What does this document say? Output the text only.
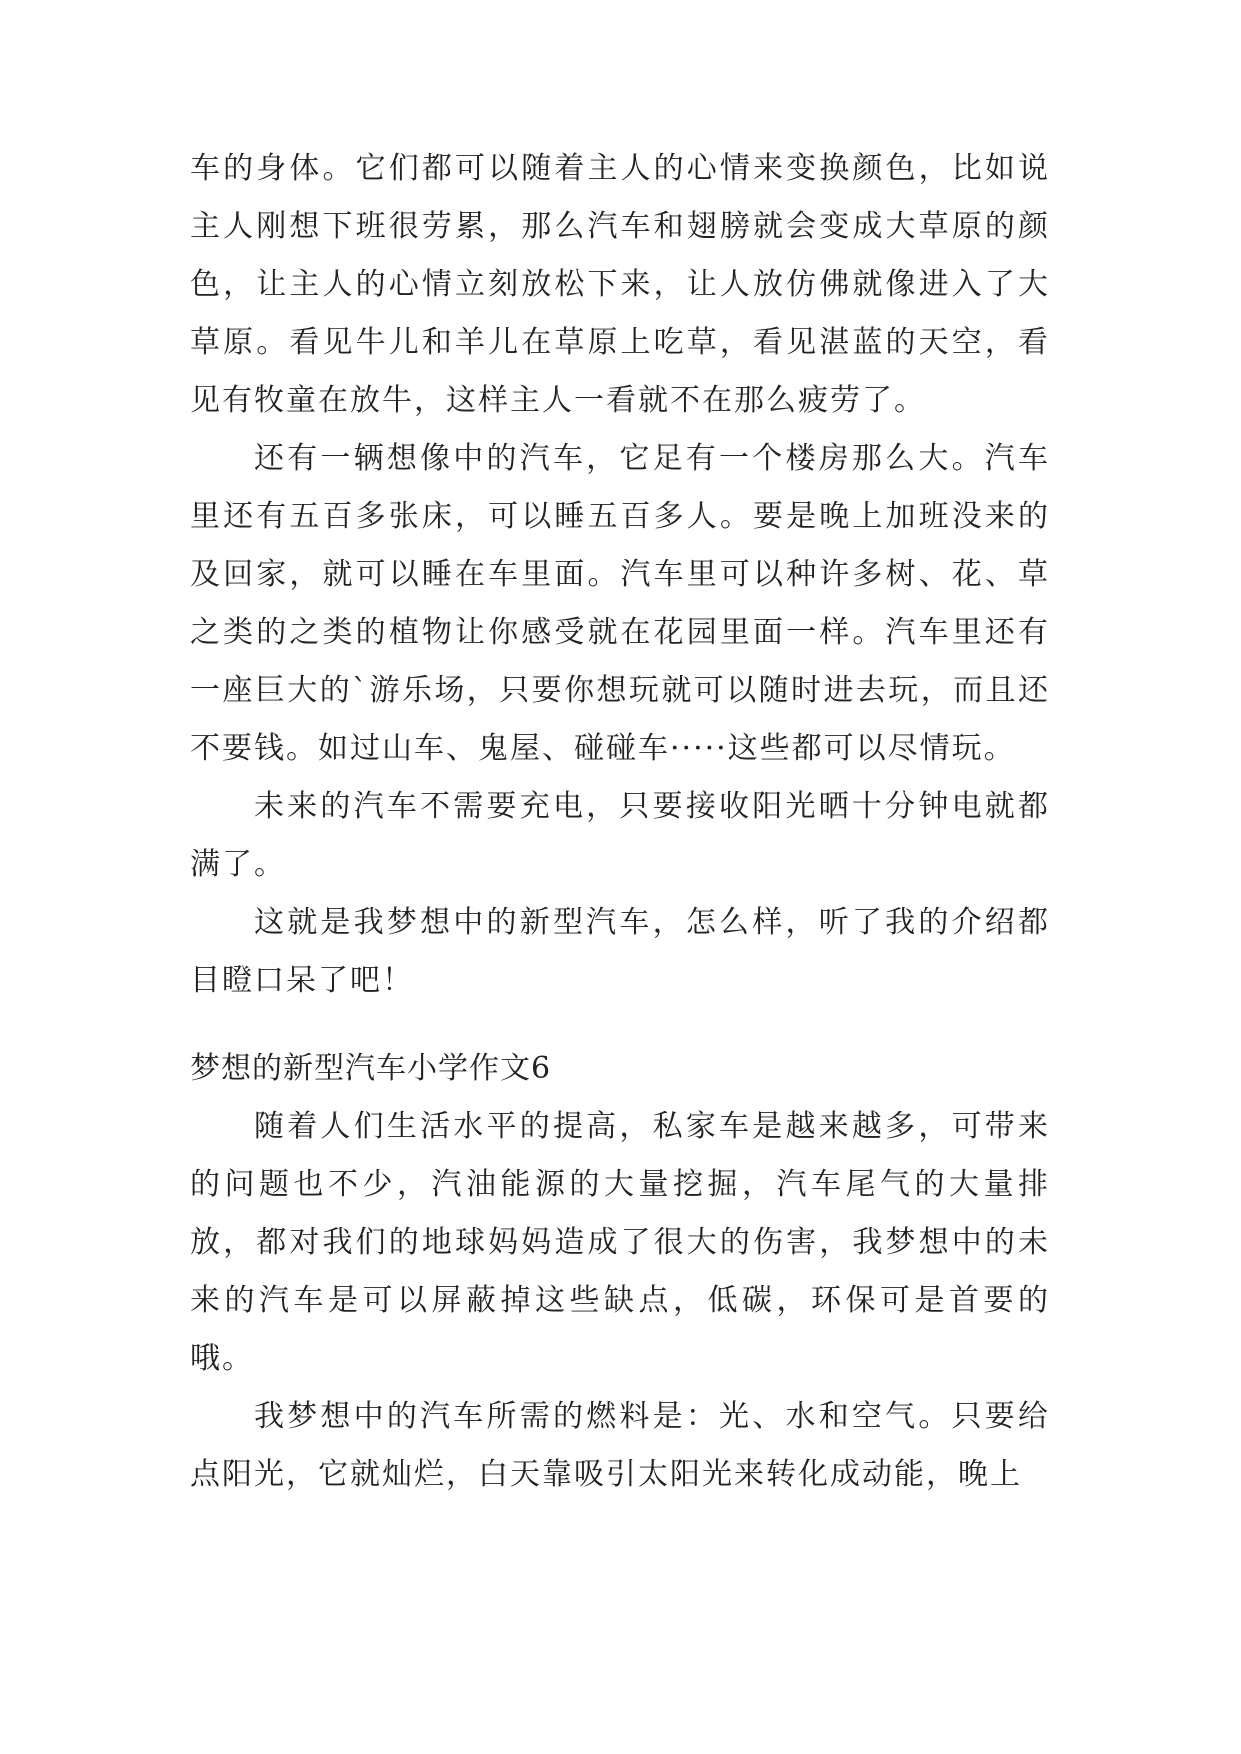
车的身体。它们都可以随着主人的心情来变换颜色，比如说主人刚想下班很劳累，那么汽车和翅膀就会变成大草原的颜色，让主人的心情立刻放松下来，让人放仿佛就像进入了大草原。看见牛儿和羊儿在草原上吃草，看见湛蓝的天空，看见有牧童在放牛，这样主人一看就不在那么疲劳了。

还有一辆想像中的汽车，它足有一个楼房那么大。汽车里还有五百多张床，可以睡五百多人。要是晚上加班没来的及回家，就可以睡在车里面。汽车里可以种许多树、花、草之类的之类的植物让你感受就在花园里面一样。汽车里还有一座巨大的`游乐场，只要你想玩就可以随时进去玩，而且还不要钱。如过山车、鬼屋、碰碰车·····这些都可以尽情玩。

未来的汽车不需要充电，只要接收阳光晒十分钟电就都满了。

这就是我梦想中的新型汽车，怎么样，听了我的介绍都目瞪口呆了吧！

梦想的新型汽车小学作文6

随着人们生活水平的提高，私家车是越来越多，可带来的问题也不少，汽油能源的大量挖掘，汽车尾气的大量排放，都对我们的地球妈妈造成了很大的伤害，我梦想中的未来的汽车是可以屏蔽掉这些缺点，低碳，环保可是首要的哦。

我梦想中的汽车所需的燃料是：光、水和空气。只要给点阳光，它就灿烂，白天靠吸引太阳光来转化成动能，晚上
